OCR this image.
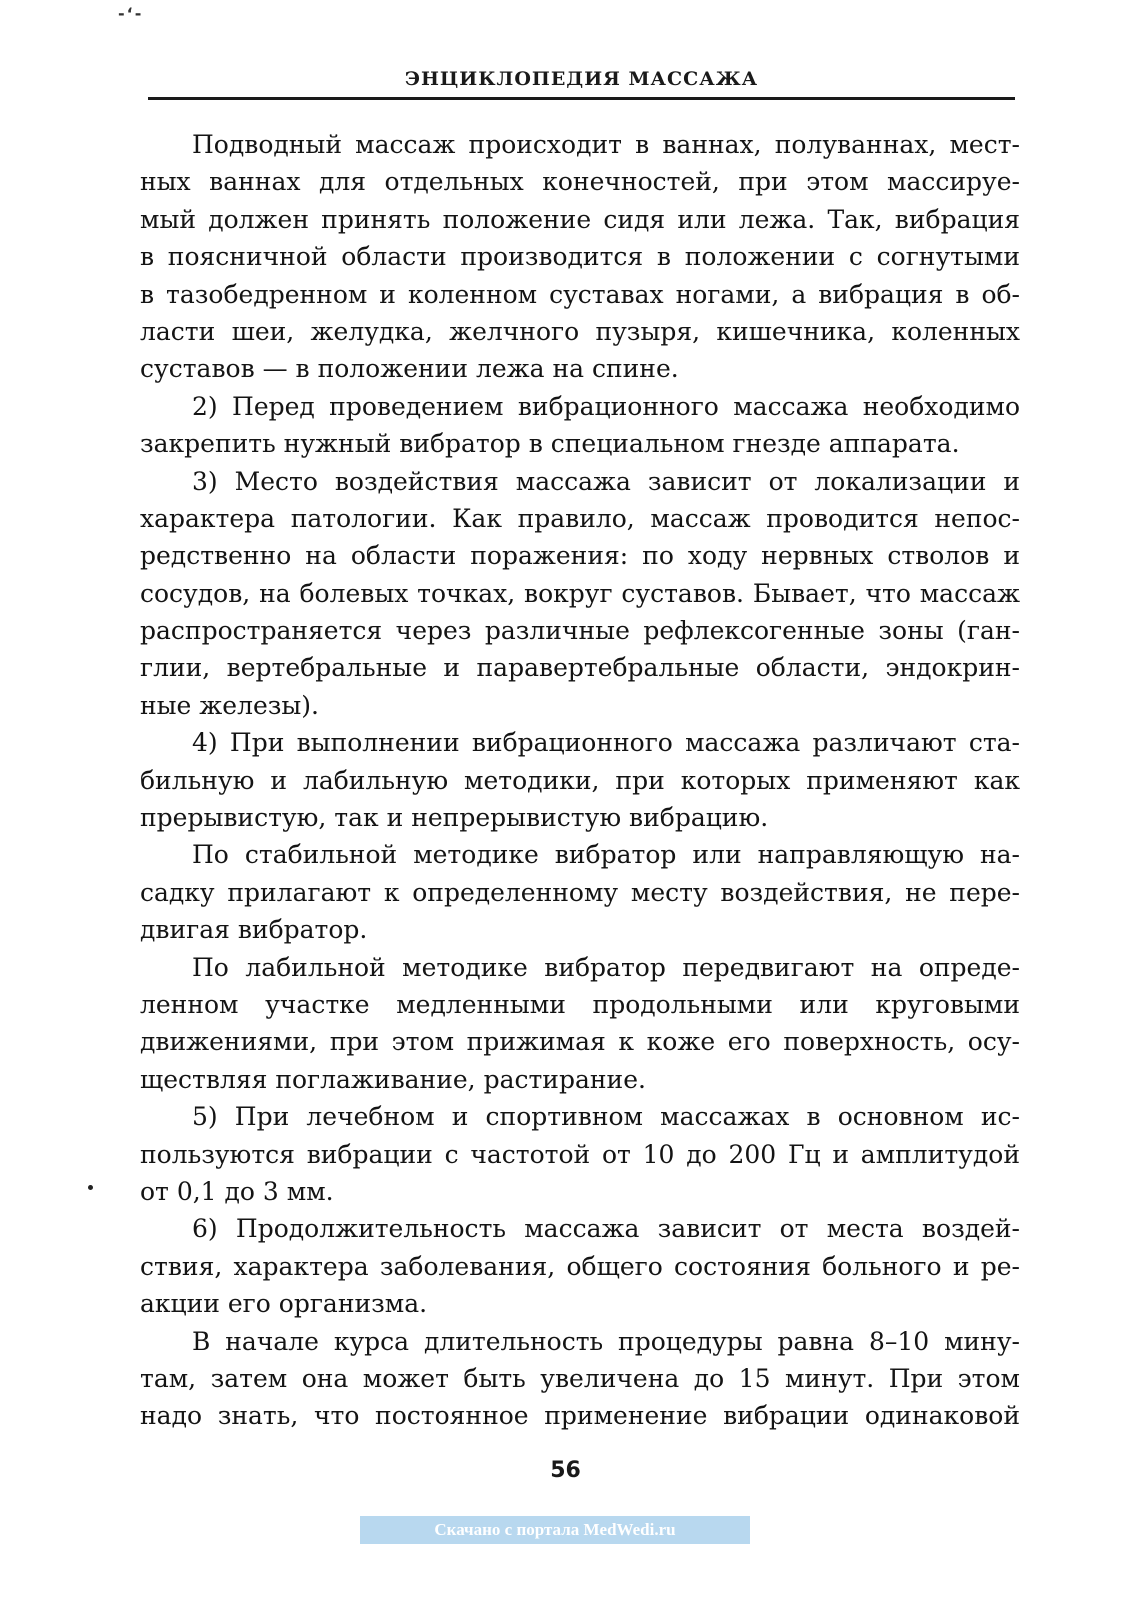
-‘-
ЭНЦИКЛОПЕДИЯ МАССАЖА
Подводный массаж происходит в ваннах, полуваннах, мест-
ных ваннах для отдельных конечностей, при этом массируе-
мый должен принять положение сидя или лежа. Так, вибрация
в поясничной области производится в положении с согнутыми
в тазобедренном и коленном суставах ногами, а вибрация в об-
ласти шеи, желудка, желчного пузыря, кишечника, коленных
суставов — в положении лежа на спине.
2) Перед проведением вибрационного массажа необходимо
закрепить нужный вибратор в специальном гнезде аппарата.
3) Место воздействия массажа зависит от локализации и
характера патологии. Как правило, массаж проводится непос-
редственно на области поражения: по ходу нервных стволов и
сосудов, на болевых точках, вокруг суставов. Бывает, что массаж
распространяется через различные рефлексогенные зоны (ган-
глии, вертебральные и паравертебральные области, эндокрин-
ные железы).
4) При выполнении вибрационного массажа различают ста-
бильную и лабильную методики, при которых применяют как
прерывистую, так и непрерывистую вибрацию.
По стабильной методике вибратор или направляющую на-
садку прилагают к определенному месту воздействия, не пере-
двигая вибратор.
По лабильной методике вибратор передвигают на опреде-
ленном участке медленными продольными или круговыми
движениями, при этом прижимая к коже его поверхность, осу-
ществляя поглаживание, растирание.
5) При лечебном и спортивном массажах в основном ис-
пользуются вибрации с частотой от 10 до 200 Гц и амплитудой
от 0,1 до 3 мм.
6) Продолжительность массажа зависит от места воздей-
ствия, характера заболевания, общего состояния больного и ре-
акции его организма.
В начале курса длительность процедуры равна 8–10 мину-
там, затем она может быть увеличена до 15 минут. При этом
надо знать, что постоянное применение вибрации одинаковой
56
Скачано с портала MedWedi.ru
